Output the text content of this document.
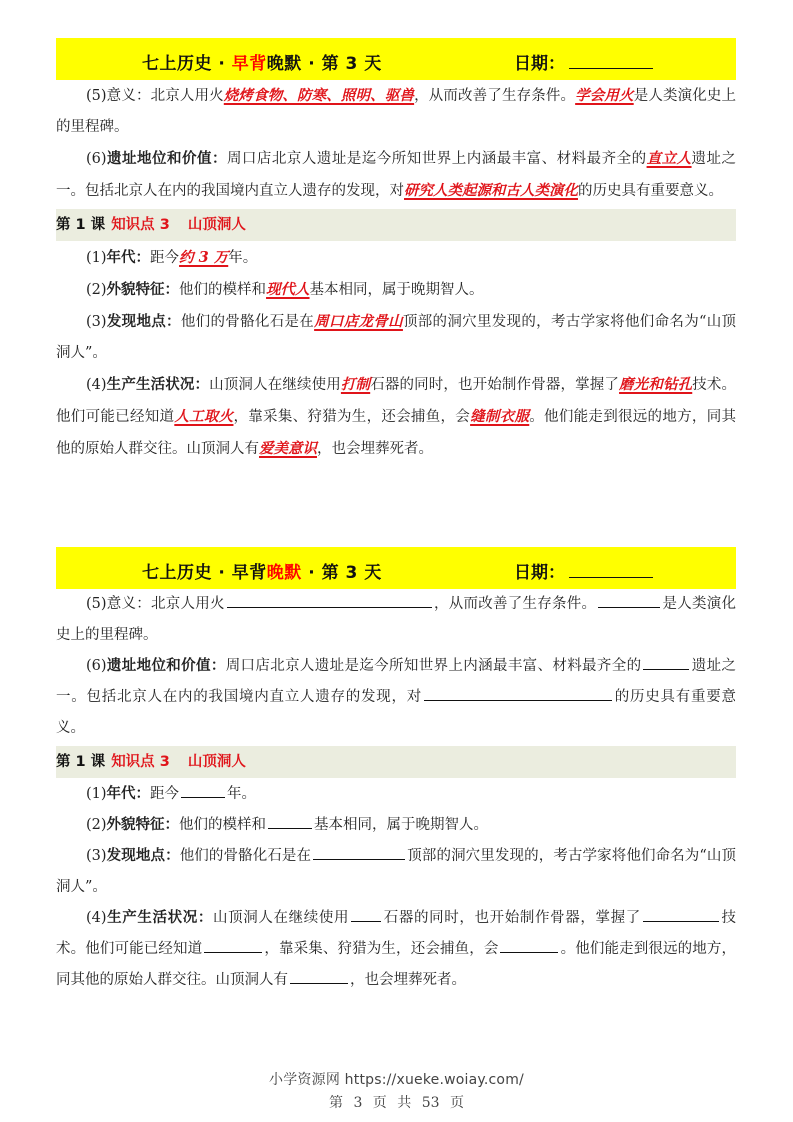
七上历史 · 早背晚默 · 第 3 天	日期：

(5)意义：北京人用火烧烤食物、防寒、照明、驱兽，从而改善了生存条件。学会用火是人类演化史上的里程碑。

(6)遗址地位和价值：周口店北京人遗址是迄今所知世界上内涵最丰富、材料最齐全的直立人遗址之一。包括北京人在内的我国境内直立人遗存的发现，对研究人类起源和古人类演化的历史具有重要意义。

第 1 课 知识点 3 山顶洞人

(1)年代：距今约 3 万年。

(2)外貌特征：他们的模样和现代人基本相同，属于晚期智人。

(3)发现地点：他们的骨骼化石是在周口店龙骨山顶部的洞穴里发现的，考古学家将他们命名为“山顶洞人”。

(4)生产生活状况：山顶洞人在继续使用打制石器的同时，也开始制作骨器，掌握了磨光和钻孔技术。他们可能已经知道人工取火，靠采集、狩猎为生，还会捕鱼，会缝制衣服。他们能走到很远的地方，同其他的原始人群交往。山顶洞人有爱美意识，也会埋葬死者。

七上历史 · 早背晚默 · 第 3 天	日期：

(5)意义：北京人用火	，从而改善了生存条件。	是人类演化史上的里程碑。

(6)遗址地位和价值：周口店北京人遗址是迄今所知世界上内涵最丰富、材料最齐全的	遗址之一。包括北京人在内的我国境内直立人遗存的发现，对	的历史具有重要意义。

第 1 课 知识点 3 山顶洞人

(1)年代：距今	年。

(2)外貌特征：他们的模样和	基本相同，属于晚期智人。

(3)发现地点：他们的骨骼化石是在	顶部的洞穴里发现的，考古学家将他们命名为“山顶洞人”。

(4)生产生活状况：山顶洞人在继续使用 石器的同时，也开始制作骨器，掌握了	技术。他们可能已经知道	，靠采集、狩猎为生，还会捕鱼，会	。他们能走到很远的地方，同其他的原始人群交往。山顶洞人有	，也会埋葬死者。

小学资源网 https://xueke.woiay.com/
第 3 页 共 53 页
